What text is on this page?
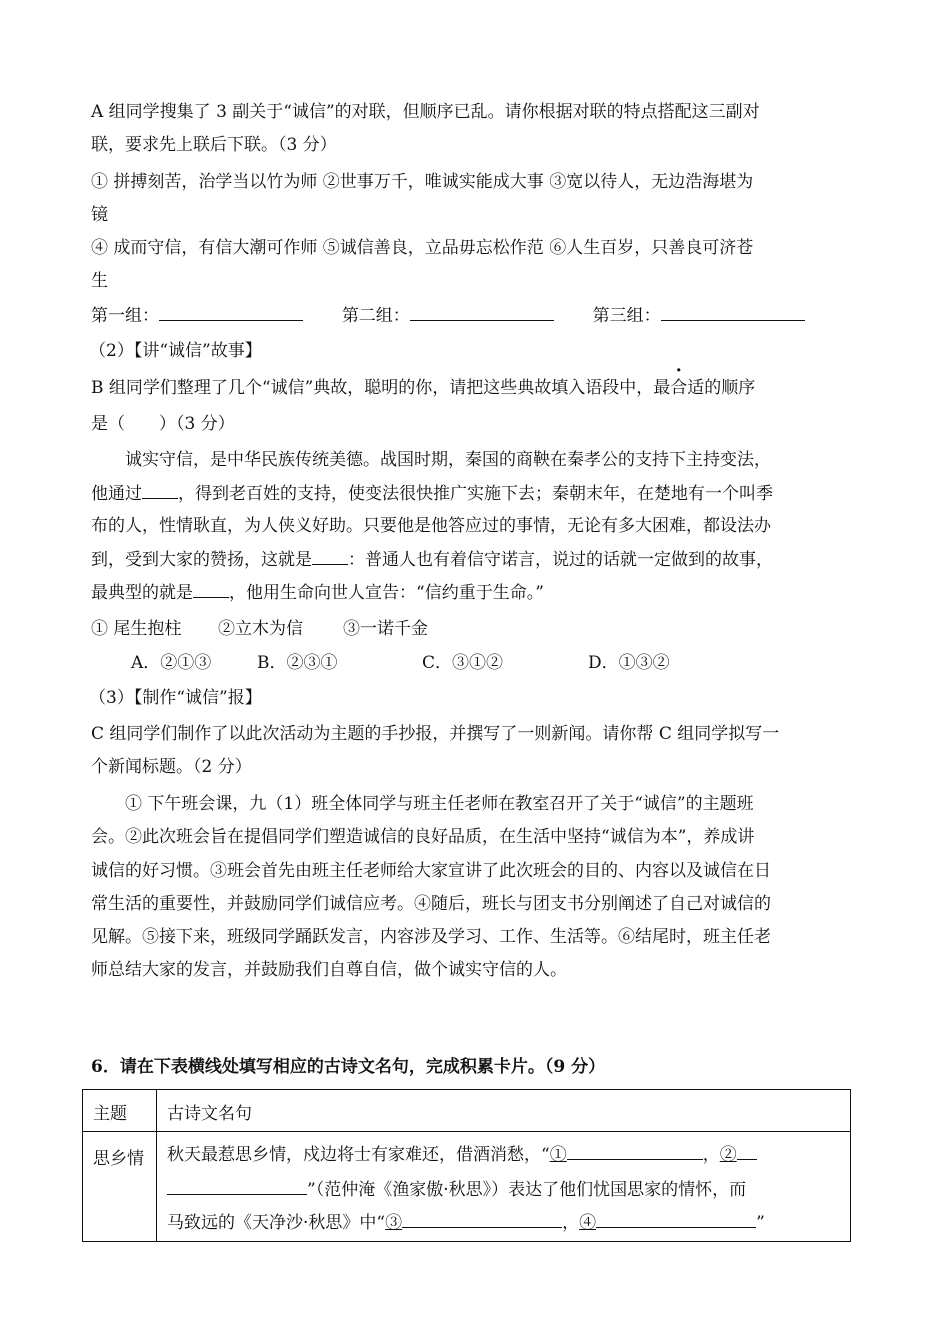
A 组同学搜集了 3 副关于“诚信”的对联，但顺序已乱。请你根据对联的特点搭配这三副对
联，要求先上联后下联。（3 分）
① 拼搏刻苦，治学当以竹为师 ②世事万千，唯诚实能成大事 ③宽以待人，无边浩海堪为
镜
④ 成而守信，有信大潮可作师 ⑤诚信善良，立品毋忘松作范 ⑥人生百岁，只善良可济苍
生
第一组：	第二组：	第三组：
（2）【讲“诚信”故事】
B 组同学们整理了几个“诚信”典故，聪明的你，请把这些典故填入语段中，最合适的顺序
是（　　）（3 分）
诚实守信，是中华民族传统美德。战国时期，秦国的商鞅在秦孝公的支持下主持变法，
他通过 ，得到老百姓的支持，使变法很快推广实施下去；秦朝末年，在楚地有一个叫季
布的人，性情耿直，为人侠义好助。只要他是他答应过的事情，无论有多大困难，都设法办
到，受到大家的赞扬，这就是 ：普通人也有着信守诺言，说过的话就一定做到的故事，
最典型的就是 ，他用生命向世人宣告：“信约重于生命。”
① 尾生抱柱 ②立木为信 ③一诺千金
A．②①③	B．②③①	C．③①②	D．①③②
（3）【制作“诚信”报】
C 组同学们制作了以此次活动为主题的手抄报，并撰写了一则新闻。请你帮 C 组同学拟写一
个新闻标题。（2 分）
① 下午班会课，九（1）班全体同学与班主任老师在教室召开了关于“诚信”的主题班
会。②此次班会旨在提倡同学们塑造诚信的良好品质，在生活中坚持“诚信为本”，养成讲
诚信的好习惯。③班会首先由班主任老师给大家宣讲了此次班会的目的、内容以及诚信在日
常生活的重要性，并鼓励同学们诚信应考。④随后，班长与团支书分别阐述了自己对诚信的
见解。⑤接下来，班级同学踊跃发言，内容涉及学习、工作、生活等。⑥结尾时，班主任老
师总结大家的发言，并鼓励我们自尊自信，做个诚实守信的人。
6．请在下表横线处填写相应的古诗文名句，完成积累卡片。（9 分）
主题	古诗文名句
思乡情	秋天最惹思乡情，戍边将士有家难还，借酒消愁，“① ，②
”（范仲淹《渔家傲·秋思》）表达了他们忧国思家的情怀，而
马致远的《天净沙·秋思》中“③ ，④ ”
